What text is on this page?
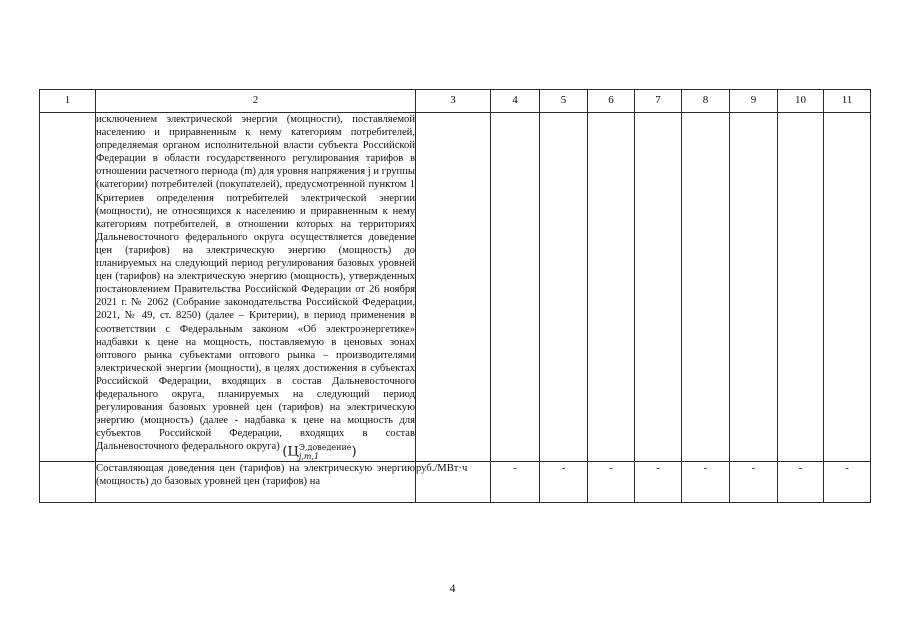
1	2	3	4	5	6	7	8	9	10	11
	исключением электрической энергии (мощности), поставляемой населению и приравненным к нему категориям потребителей, определяемая органом исполнительной власти субъекта Российской Федерации в области государственного регулирования тарифов в отношении расчетного периода (m) для уровня напряжения j и группы (категории) потребителей (покупателей), предусмотренной пунктом 1 Критериев определения потребителей электрической энергии (мощности), не относящихся к населению и приравненным к нему категориям потребителей, в отношении которых на территориях Дальневосточного федерального округа осуществляется доведение цен (тарифов) на электрическую энергию (мощность) до планируемых на следующий период регулирования базовых уровней цен (тарифов) на электрическую энергию (мощность), утвержденных постановлением Правительства Российской Федерации от 26 ноября 2021 г. № 2062 (Собрание законодательства Российской Федерации, 2021, № 49, ст. 8250) (далее – Критерии), в период применения в соответствии с Федеральным законом «Об электроэнергетике» надбавки к цене на мощность, поставляемую в ценовых зонах оптового рынка субъектами оптового рынка – производителями электрической энергии (мощности), в целях достижения в субъектах Российской Федерации, входящих в состав Дальневосточного федерального округа, планируемых на следующий период регулирования базовых уровней цен (тарифов) на электрическую энергию (мощность) (далее - надбавка к цене на мощность для субъектов Российской Федерации, входящих в состав Дальневосточного федерального округа) (Ц Э,доведение
j,m,1 )									
	Составляющая доведения цен (тарифов) на электрическую энергию (мощность) до базовых уровней цен (тарифов) на	руб./МВт·ч	-	-	-	-	-	-	-	-
4
